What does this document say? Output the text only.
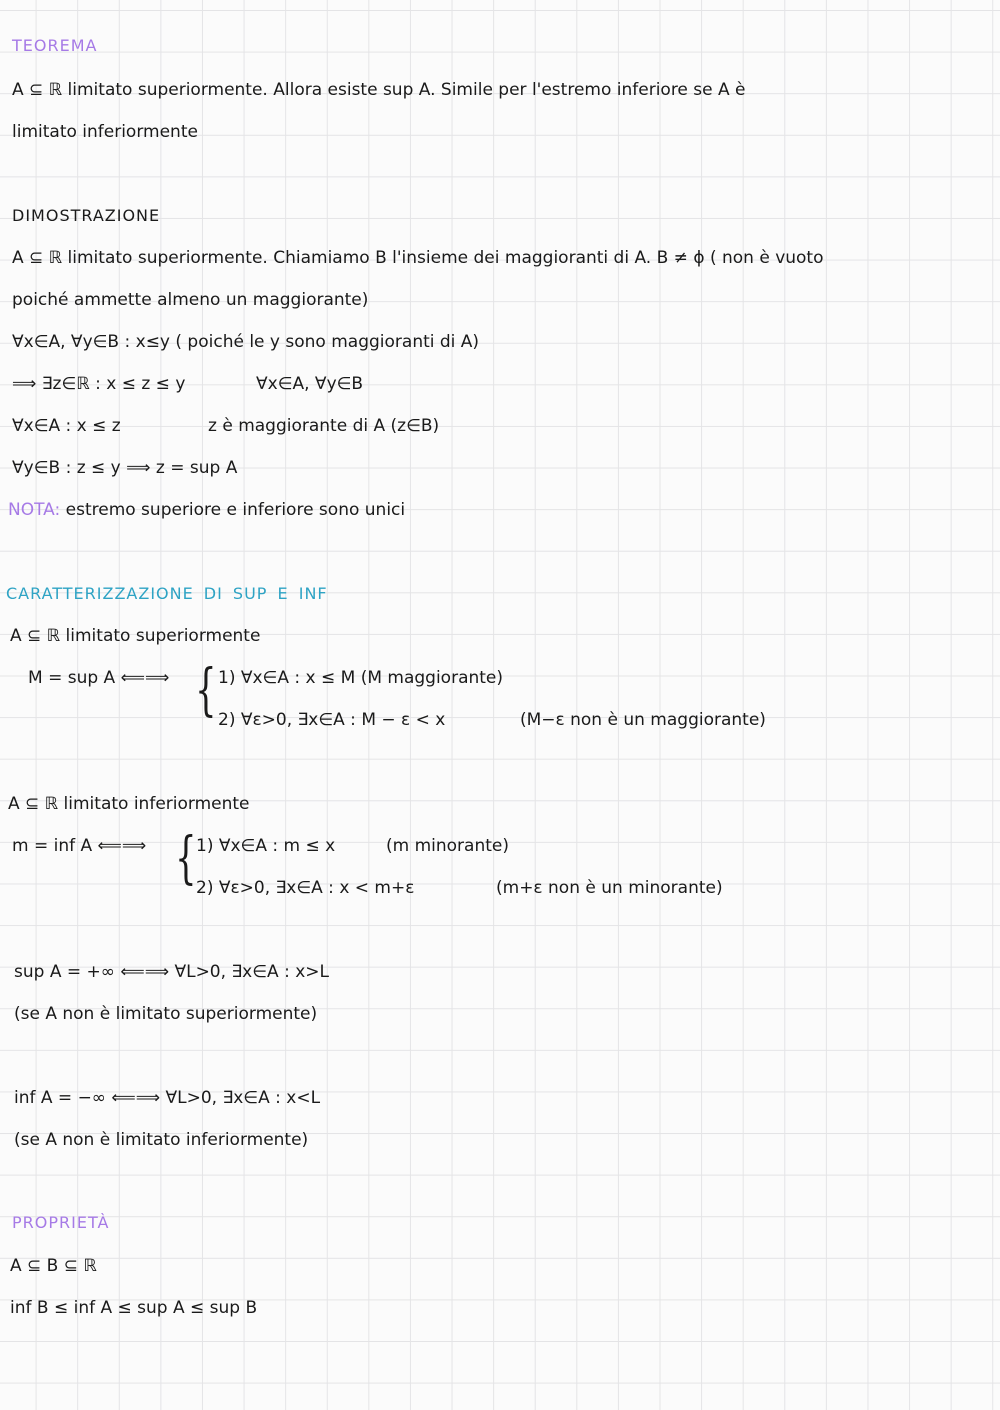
TEOREMA
A ⊆ ℝ limitato superiormente. Allora esiste sup A. Simile per l'estremo inferiore se A è
limitato inferiormente
DIMOSTRAZIONE
A ⊆ ℝ limitato superiormente. Chiamiamo B l'insieme dei maggioranti di A. B ≠ ϕ ( non è vuoto
poiché ammette almeno un maggiorante)
∀x∈A, ∀y∈B : x≤y ( poiché le y sono maggioranti di A)
⟹ ∃z∈ℝ : x ≤ z ≤ y	∀x∈A, ∀y∈B
∀x∈A : x ≤ z	z è maggiorante di A (z∈B)
∀y∈B : z ≤ y ⟹ z = sup A
NOTA: estremo superiore e inferiore sono unici
CARATTERIZZAZIONE DI SUP E INF
A ⊆ ℝ limitato superiormente
M = sup A ⟸⟹ { 1) ∀x∈A : x ≤ M (M maggiorante)
2) ∀ε>0, ∃x∈A : M − ε < x	(M−ε non è un maggiorante)
A ⊆ ℝ limitato inferiormente
m = inf A ⟸⟹ { 1) ∀x∈A : m ≤ x	(m minorante)
2) ∀ε>0, ∃x∈A : x < m+ε	(m+ε non è un minorante)
sup A = +∞ ⟸⟹ ∀L>0, ∃x∈A : x>L
(se A non è limitato superiormente)
inf A = −∞ ⟸⟹ ∀L>0, ∃x∈A : x<L
(se A non è limitato inferiormente)
PROPRIETÀ
A ⊆ B ⊆ ℝ
inf B ≤ inf A ≤ sup A ≤ sup B
